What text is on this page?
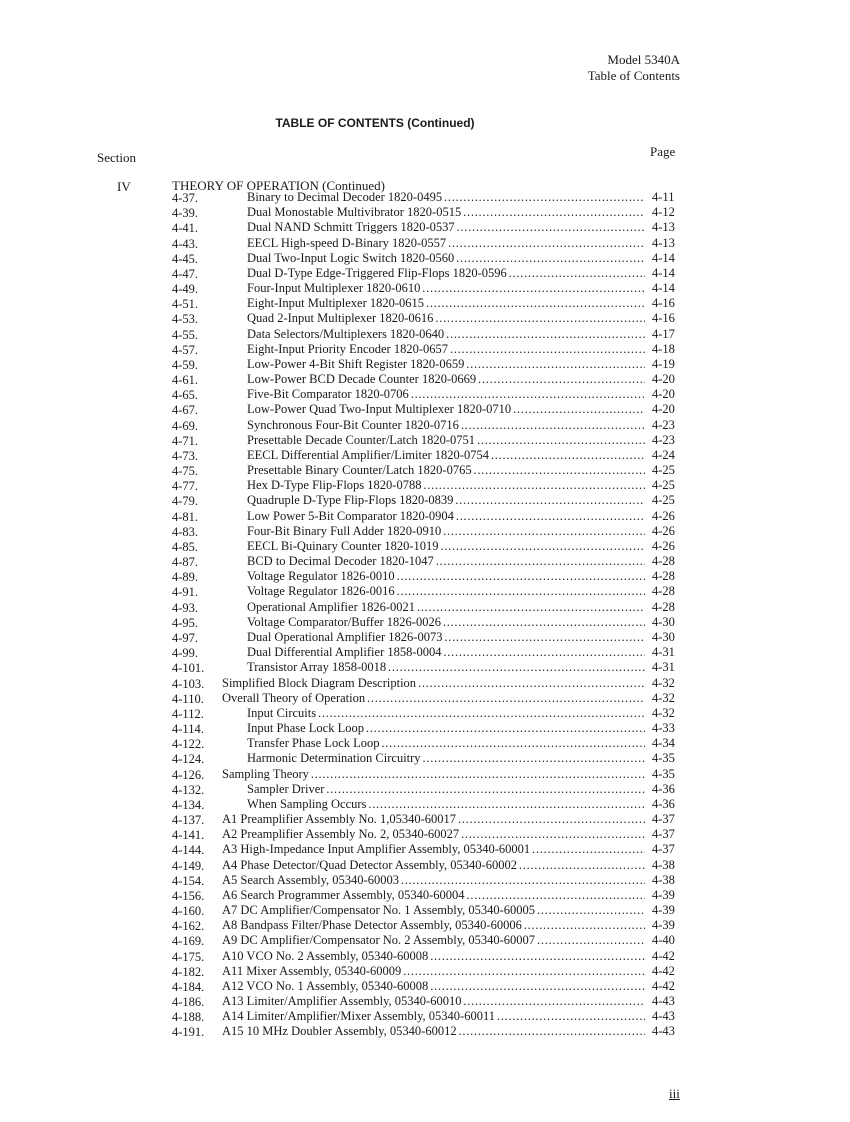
Model 5340A
Table of Contents
TABLE OF CONTENTS (Continued)
Section	Page
IV	THEORY OF OPERATION (Continued)
4-37.	Binary to Decimal Decoder 1820-0495 . . .	4-11
4-39.	Dual Monostable Multivibrator 1820-0515 . . .	4-12
4-41.	Dual NAND Schmitt Triggers 1820-0537 . . .	4-13
4-43.	EECL High-speed D-Binary 1820-0557 . . .	4-13
4-45.	Dual Two-Input Logic Switch 1820-0560 . . .	4-14
4-47.	Dual D-Type Edge-Triggered Flip-Flops 1820-0596 . . .	4-14
4-49.	Four-Input Multiplexer 1820-0610 . . .	4-14
4-51.	Eight-Input Multiplexer 1820-0615 . . .	4-16
4-53.	Quad 2-Input Multiplexer 1820-0616 . . .	4-16
4-55.	Data Selectors/Multiplexers 1820-0640 . . .	4-17
4-57.	Eight-Input Priority Encoder 1820-0657 . . .	4-18
4-59.	Low-Power 4-Bit Shift Register 1820-0659 . . .	4-19
4-61.	Low-Power BCD Decade Counter 1820-0669 . . .	4-20
4-65.	Five-Bit Comparator 1820-0706 . . .	4-20
4-67.	Low-Power Quad Two-Input Multiplexer 1820-0710 . . .	4-20
4-69.	Synchronous Four-Bit Counter 1820-0716 . . .	4-23
4-71.	Presettable Decade Counter/Latch 1820-0751 . . .	4-23
4-73.	EECL Differential Amplifier/Limiter 1820-0754 . . .	4-24
4-75.	Presettable Binary Counter/Latch 1820-0765 . . .	4-25
4-77.	Hex D-Type Flip-Flops 1820-0788 . . .	4-25
4-79.	Quadruple D-Type Flip-Flops 1820-0839 . . .	4-25
4-81.	Low Power 5-Bit Comparator 1820-0904 . . .	4-26
4-83.	Four-Bit Binary Full Adder 1820-0910 . . .	4-26
4-85.	EECL Bi-Quinary Counter 1820-1019 . . .	4-26
4-87.	BCD to Decimal Decoder 1820-1047 . . .	4-28
4-89.	Voltage Regulator 1826-0010 . . .	4-28
4-91.	Voltage Regulator 1826-0016 . . .	4-28
4-93.	Operational Amplifier 1826-0021 . . .	4-28
4-95.	Voltage Comparator/Buffer 1826-0026 . . .	4-30
4-97.	Dual Operational Amplifier 1826-0073 . . .	4-30
4-99.	Dual Differential Amplifier 1858-0004 . . .	4-31
4-101.	Transistor Array 1858-0018 . . .	4-31
4-103. Simplified Block Diagram Description . . .	4-32
4-110. Overall Theory of Operation . . .	4-32
4-112.	Input Circuits . . .	4-32
4-114.	Input Phase Lock Loop . . .	4-33
4-122.	Transfer Phase Lock Loop . . .	4-34
4-124.	Harmonic Determination Circuitry . . .	4-35
4-126. Sampling Theory . . .	4-35
4-132.	Sampler Driver . . .	4-36
4-134.	When Sampling Occurs . . .	4-36
4-137. A1 Preamplifier Assembly No. 1,05340-60017 . . .	4-37
4-141. A2 Preamplifier Assembly No. 2, 05340-60027 . . .	4-37
4-144. A3 High-Impedance Input Amplifier Assembly, 05340-60001 . . .	4-37
4-149. A4 Phase Detector/Quad Detector Assembly, 05340-60002 . . .	4-38
4-154. A5 Search Assembly, 05340-60003 . . .	4-38
4-156. A6 Search Programmer Assembly, 05340-60004 . . .	4-39
4-160. A7 DC Amplifier/Compensator No. 1 Assembly, 05340-60005 . . .	4-39
4-162. A8 Bandpass Filter/Phase Detector Assembly, 05340-60006 . . .	4-39
4-169. A9 DC Amplifier/Compensator No. 2 Assembly, 05340-60007 . . .	4-40
4-175. A10 VCO No. 2 Assembly, 05340-60008 . . .	4-42
4-182. A11 Mixer Assembly, 05340-60009 . . .	4-42
4-184. A12 VCO No. 1 Assembly, 05340-60008 . . .	4-42
4-186. A13 Limiter/Amplifier Assembly, 05340-60010 . . .	4-43
4-188. A14 Limiter/Amplifier/Mixer Assembly, 05340-60011 . . .	4-43
4-191. A15 10 MHz Doubler Assembly, 05340-60012 . . .	4-43
iii
